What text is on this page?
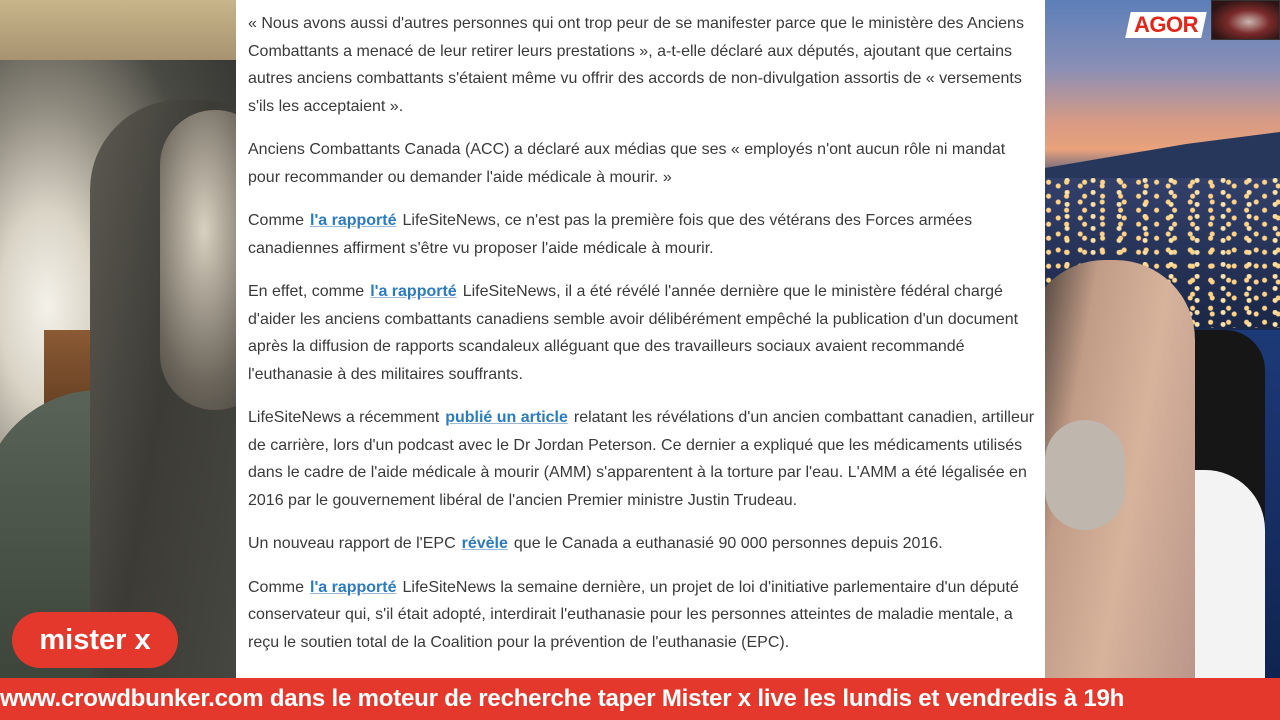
« Nous avons aussi d'autres personnes qui ont trop peur de se manifester parce que le ministère des Anciens Combattants a menacé de leur retirer leurs prestations », a-t-elle déclaré aux députés, ajoutant que certains autres anciens combattants s'étaient même vu offrir des accords de non-divulgation assortis de « versements s'ils les acceptaient ».

Anciens Combattants Canada (ACC) a déclaré aux médias que ses « employés n'ont aucun rôle ni mandat pour recommander ou demander l'aide médicale à mourir. »

Comme l'a rapporté LifeSiteNews, ce n'est pas la première fois que des vétérans des Forces armées canadiennes affirment s'être vu proposer l'aide médicale à mourir.

En effet, comme l'a rapporté LifeSiteNews, il a été révélé l'année dernière que le ministère fédéral chargé d'aider les anciens combattants canadiens semble avoir délibérément empêché la publication d'un document après la diffusion de rapports scandaleux alléguant que des travailleurs sociaux avaient recommandé l'euthanasie à des militaires souffrants.

LifeSiteNews a récemment publié un article relatant les révélations d'un ancien combattant canadien, artilleur de carrière, lors d'un podcast avec le Dr Jordan Peterson. Ce dernier a expliqué que les médicaments utilisés dans le cadre de l'aide médicale à mourir (AMM) s'apparentent à la torture par l'eau. L'AMM a été légalisée en 2016 par le gouvernement libéral de l'ancien Premier ministre Justin Trudeau.

Un nouveau rapport de l'EPC révèle que le Canada a euthanasié 90 000 personnes depuis 2016.

Comme l'a rapporté LifeSiteNews la semaine dernière, un projet de loi d'initiative parlementaire d'un député conservateur qui, s'il était adopté, interdirait l'euthanasie pour les personnes atteintes de maladie mentale, a reçu le soutien total de la Coalition pour la prévention de l'euthanasie (EPC).

AGOR
mister x
www.crowdbunker.com dans le moteur de recherche taper Mister x live les lundis et vendredis à 19h
